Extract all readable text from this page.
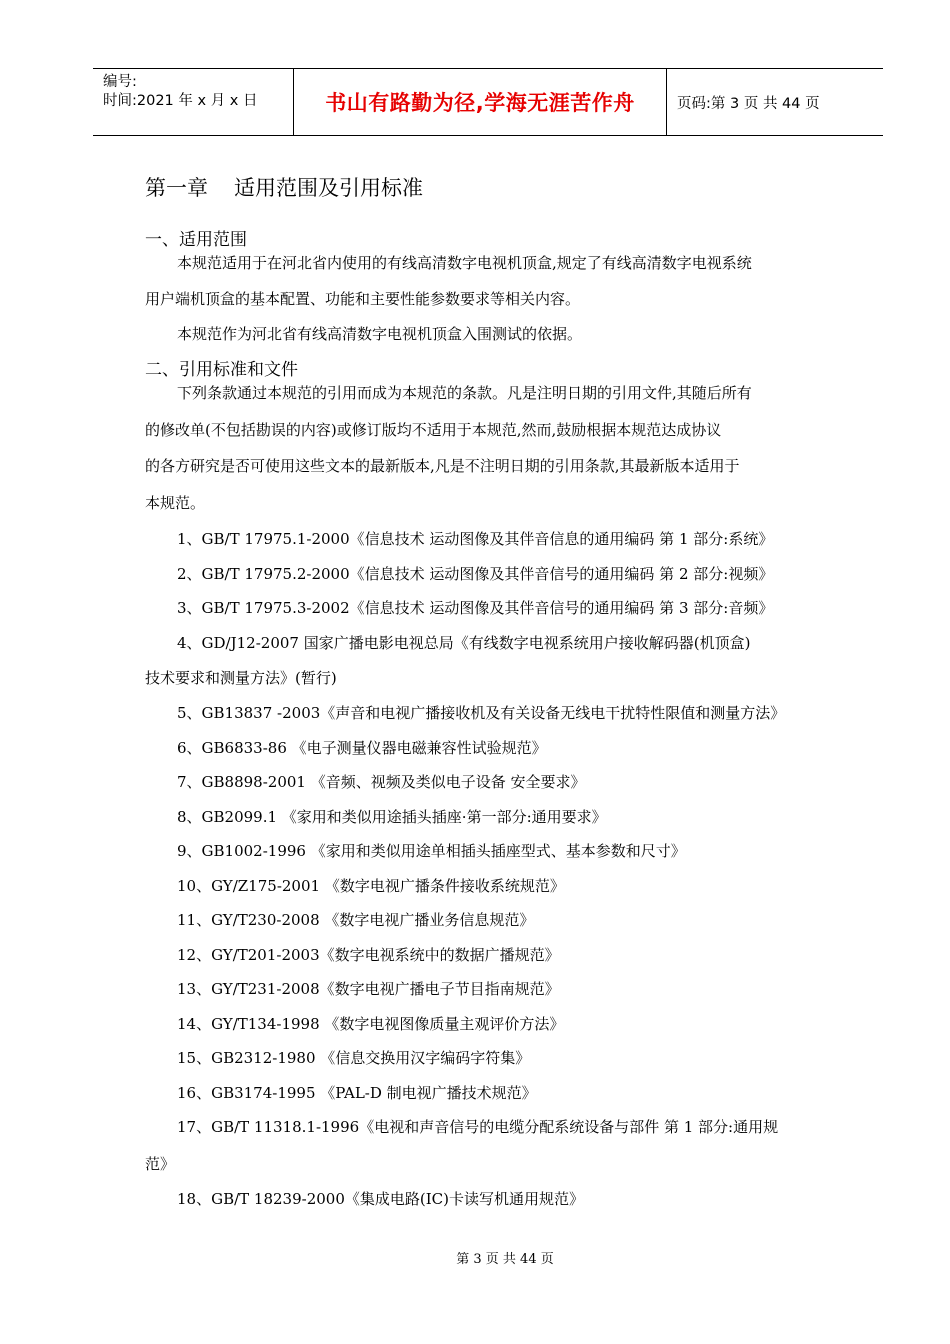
编号:
时间:2021 年 x 月 x 日	书山有路勤为径,学海无涯苦作舟	页码:第 3 页 共 44 页
第一章 适用范围及引用标准
一、适用范围
本规范适用于在河北省内使用的有线高清数字电视机顶盒,规定了有线高清数字电视系统
用户端机顶盒的基本配置、功能和主要性能参数要求等相关内容。
本规范作为河北省有线高清数字电视机顶盒入围测试的依据。
二、引用标准和文件
下列条款通过本规范的引用而成为本规范的条款。凡是注明日期的引用文件,其随后所有
的修改单(不包括勘误的内容)或修订版均不适用于本规范,然而,鼓励根据本规范达成协议
的各方研究是否可使用这些文本的最新版本,凡是不注明日期的引用条款,其最新版本适用于
本规范。
1、GB/T 17975.1-2000《信息技术 运动图像及其伴音信息的通用编码 第 1 部分:系统》
2、GB/T 17975.2-2000《信息技术 运动图像及其伴音信号的通用编码 第 2 部分:视频》
3、GB/T 17975.3-2002《信息技术 运动图像及其伴音信号的通用编码 第 3 部分:音频》
4、GD/J12-2007 国家广播电影电视总局《有线数字电视系统用户接收解码器(机顶盒)
技术要求和测量方法》(暂行)
5、GB13837 -2003《声音和电视广播接收机及有关设备无线电干扰特性限值和测量方法》
6、GB6833-86 《电子测量仪器电磁兼容性试验规范》
7、GB8898-2001 《音频、视频及类似电子设备 安全要求》
8、GB2099.1 《家用和类似用途插头插座·第一部分:通用要求》
9、GB1002-1996 《家用和类似用途单相插头插座型式、基本参数和尺寸》
10、GY/Z175-2001 《数字电视广播条件接收系统规范》
11、GY/T230-2008 《数字电视广播业务信息规范》
12、GY/T201-2003《数字电视系统中的数据广播规范》
13、GY/T231-2008《数字电视广播电子节目指南规范》
14、GY/T134-1998 《数字电视图像质量主观评价方法》
15、GB2312-1980 《信息交换用汉字编码字符集》
16、GB3174-1995 《PAL-D 制电视广播技术规范》
17、GB/T 11318.1-1996《电视和声音信号的电缆分配系统设备与部件 第 1 部分:通用规
范》
18、GB/T 18239-2000《集成电路(IC)卡读写机通用规范》
第 3 页 共 44 页
